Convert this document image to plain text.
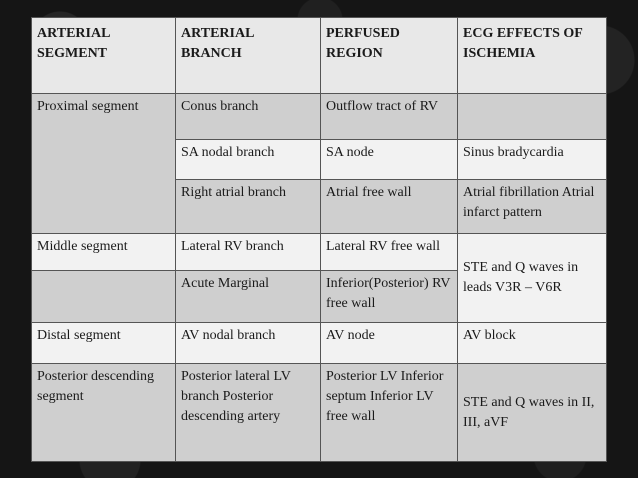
ARTERIAL SEGMENT	ARTERIAL BRANCH	PERFUSED REGION	ECG EFFECTS OF ISCHEMIA
Proximal segment	Conus branch	Outflow tract of RV	
	SA nodal branch	SA node	Sinus bradycardia
	Right atrial branch	Atrial free wall	Atrial fibrillation Atrial infarct pattern
Middle segment	Lateral RV branch	Lateral RV free wall	STE and Q waves in leads V3R – V6R
	Acute Marginal	Inferior(Posterior) RV free wall	
Distal segment	AV nodal branch	AV node	AV block
Posterior descending segment	Posterior lateral LV branch Posterior descending artery	Posterior LV Inferior septum Inferior LV free wall	STE and Q waves in II, III, aVF
